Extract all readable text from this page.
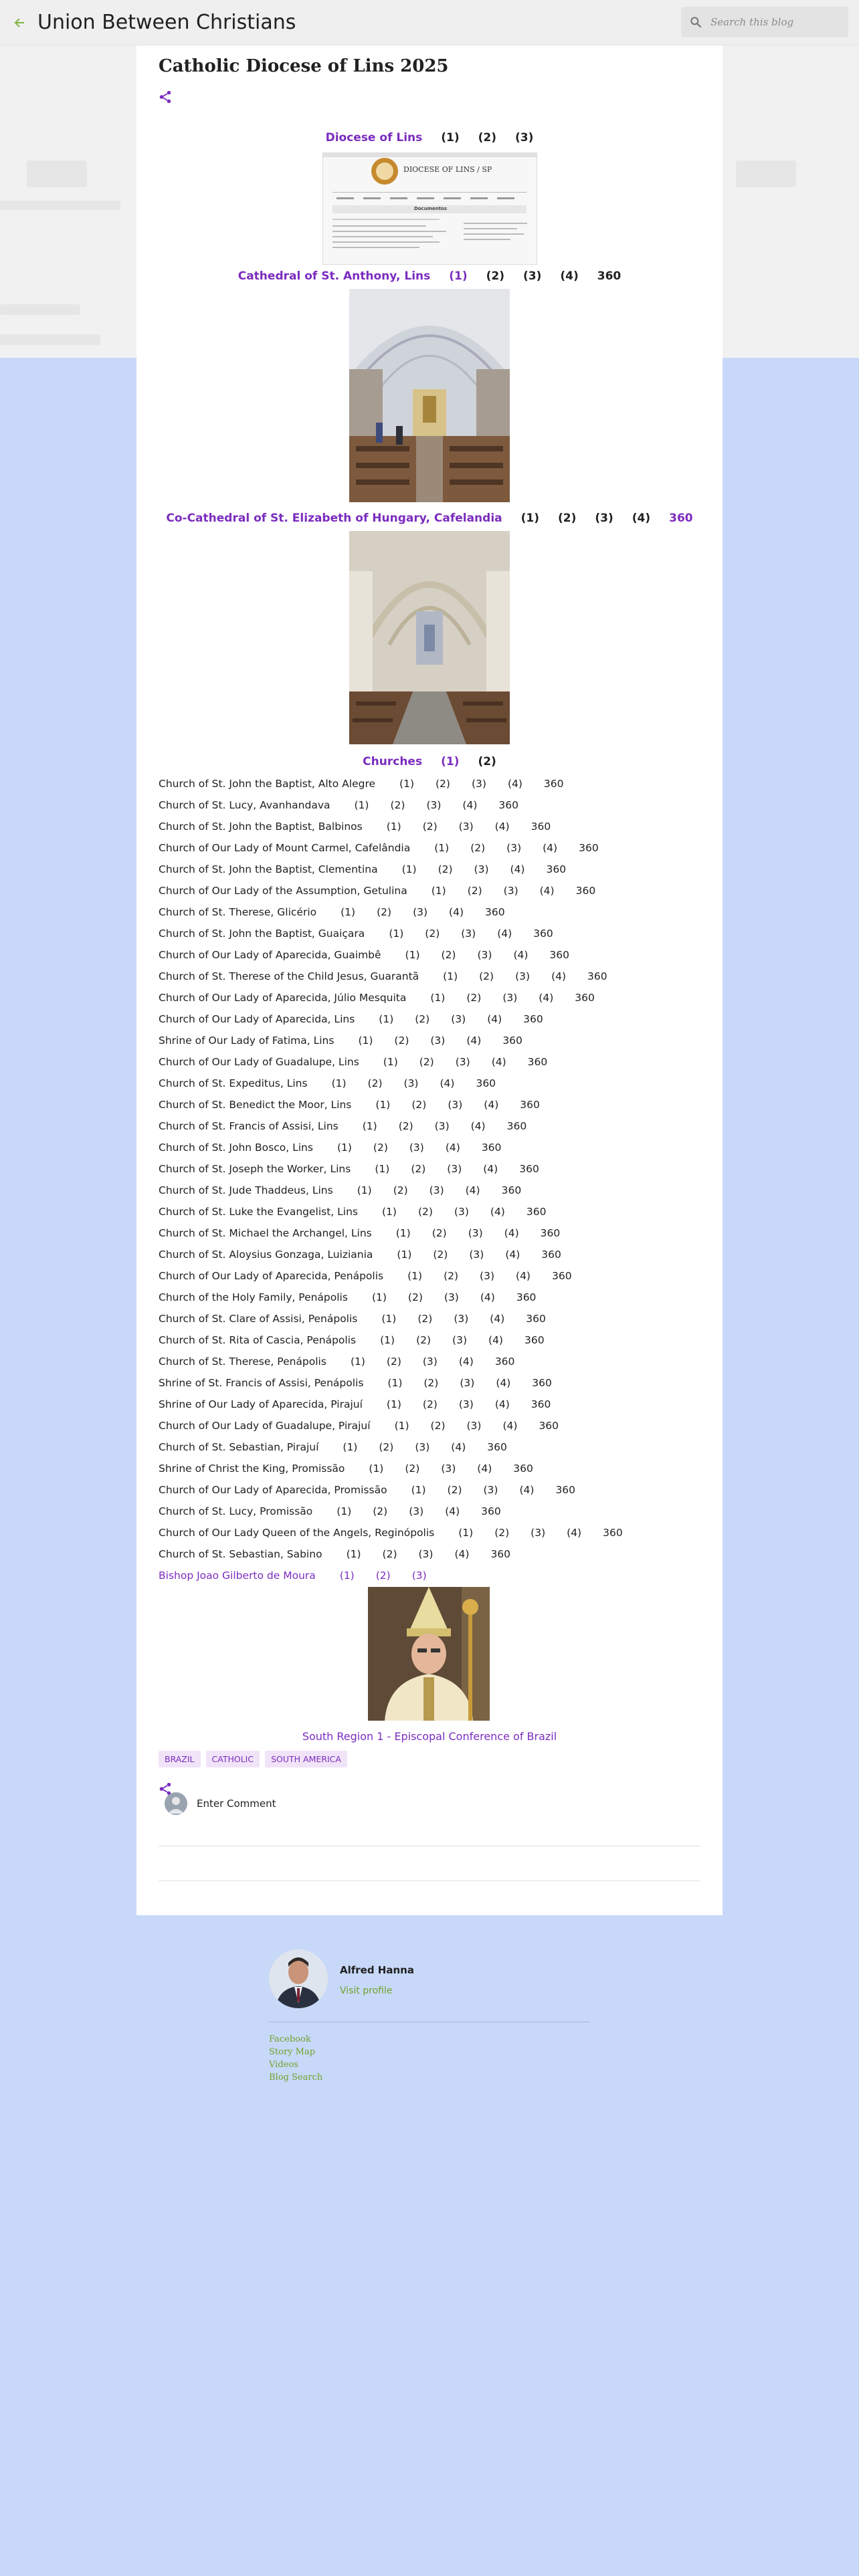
Union Between Christians
Search this blog
Catholic Diocese of Lins 2025
Diocese of Lins (1) (2) (3)
DIOCESE OF LINS / SP
Documentos
Cathedral of St. Anthony, Lins (1) (2) (3) (4) 360
Co-Cathedral of St. Elizabeth of Hungary, Cafelandia (1) (2) (3) (4) 360
Churches (1) (2)
Church of St. John the Baptist, Alto Alegre (1) (2) (3) (4) 360
Church of St. Lucy, Avanhandava (1) (2) (3) (4) 360
Church of St. John the Baptist, Balbinos (1) (2) (3) (4) 360
Church of Our Lady of Mount Carmel, Cafelândia (1) (2) (3) (4) 360
Church of St. John the Baptist, Clementina (1) (2) (3) (4) 360
Church of Our Lady of the Assumption, Getulina (1) (2) (3) (4) 360
Church of St. Therese, Glicério (1) (2) (3) (4) 360
Church of St. John the Baptist, Guaiçara (1) (2) (3) (4) 360
Church of Our Lady of Aparecida, Guaimbê (1) (2) (3) (4) 360
Church of St. Therese of the Child Jesus, Guarantã (1) (2) (3) (4) 360
Church of Our Lady of Aparecida, Júlio Mesquita (1) (2) (3) (4) 360
Church of Our Lady of Aparecida, Lins (1) (2) (3) (4) 360
Shrine of Our Lady of Fatima, Lins (1) (2) (3) (4) 360
Church of Our Lady of Guadalupe, Lins (1) (2) (3) (4) 360
Church of St. Expeditus, Lins (1) (2) (3) (4) 360
Church of St. Benedict the Moor, Lins (1) (2) (3) (4) 360
Church of St. Francis of Assisi, Lins (1) (2) (3) (4) 360
Church of St. John Bosco, Lins (1) (2) (3) (4) 360
Church of St. Joseph the Worker, Lins (1) (2) (3) (4) 360
Church of St. Jude Thaddeus, Lins (1) (2) (3) (4) 360
Church of St. Luke the Evangelist, Lins (1) (2) (3) (4) 360
Church of St. Michael the Archangel, Lins (1) (2) (3) (4) 360
Church of St. Aloysius Gonzaga, Luiziania (1) (2) (3) (4) 360
Church of Our Lady of Aparecida, Penápolis (1) (2) (3) (4) 360
Church of the Holy Family, Penápolis (1) (2) (3) (4) 360
Church of St. Clare of Assisi, Penápolis (1) (2) (3) (4) 360
Church of St. Rita of Cascia, Penápolis (1) (2) (3) (4) 360
Church of St. Therese, Penápolis (1) (2) (3) (4) 360
Shrine of St. Francis of Assisi, Penápolis (1) (2) (3) (4) 360
Shrine of Our Lady of Aparecida, Pirajuí (1) (2) (3) (4) 360
Church of Our Lady of Guadalupe, Pirajuí (1) (2) (3) (4) 360
Church of St. Sebastian, Pirajuí (1) (2) (3) (4) 360
Shrine of Christ the King, Promissão (1) (2) (3) (4) 360
Church of Our Lady of Aparecida, Promissão (1) (2) (3) (4) 360
Church of St. Lucy, Promissão (1) (2) (3) (4) 360
Church of Our Lady Queen of the Angels, Reginópolis (1) (2) (3) (4) 360
Church of St. Sebastian, Sabino (1) (2) (3) (4) 360
Bishop Joao Gilberto de Moura (1) (2) (3)
South Region 1 - Episcopal Conference of Brazil
BRAZIL	CATHOLIC	SOUTH AMERICA
Enter Comment
Alfred Hanna
Visit profile
Facebook
Story Map
Videos
Blog Search
